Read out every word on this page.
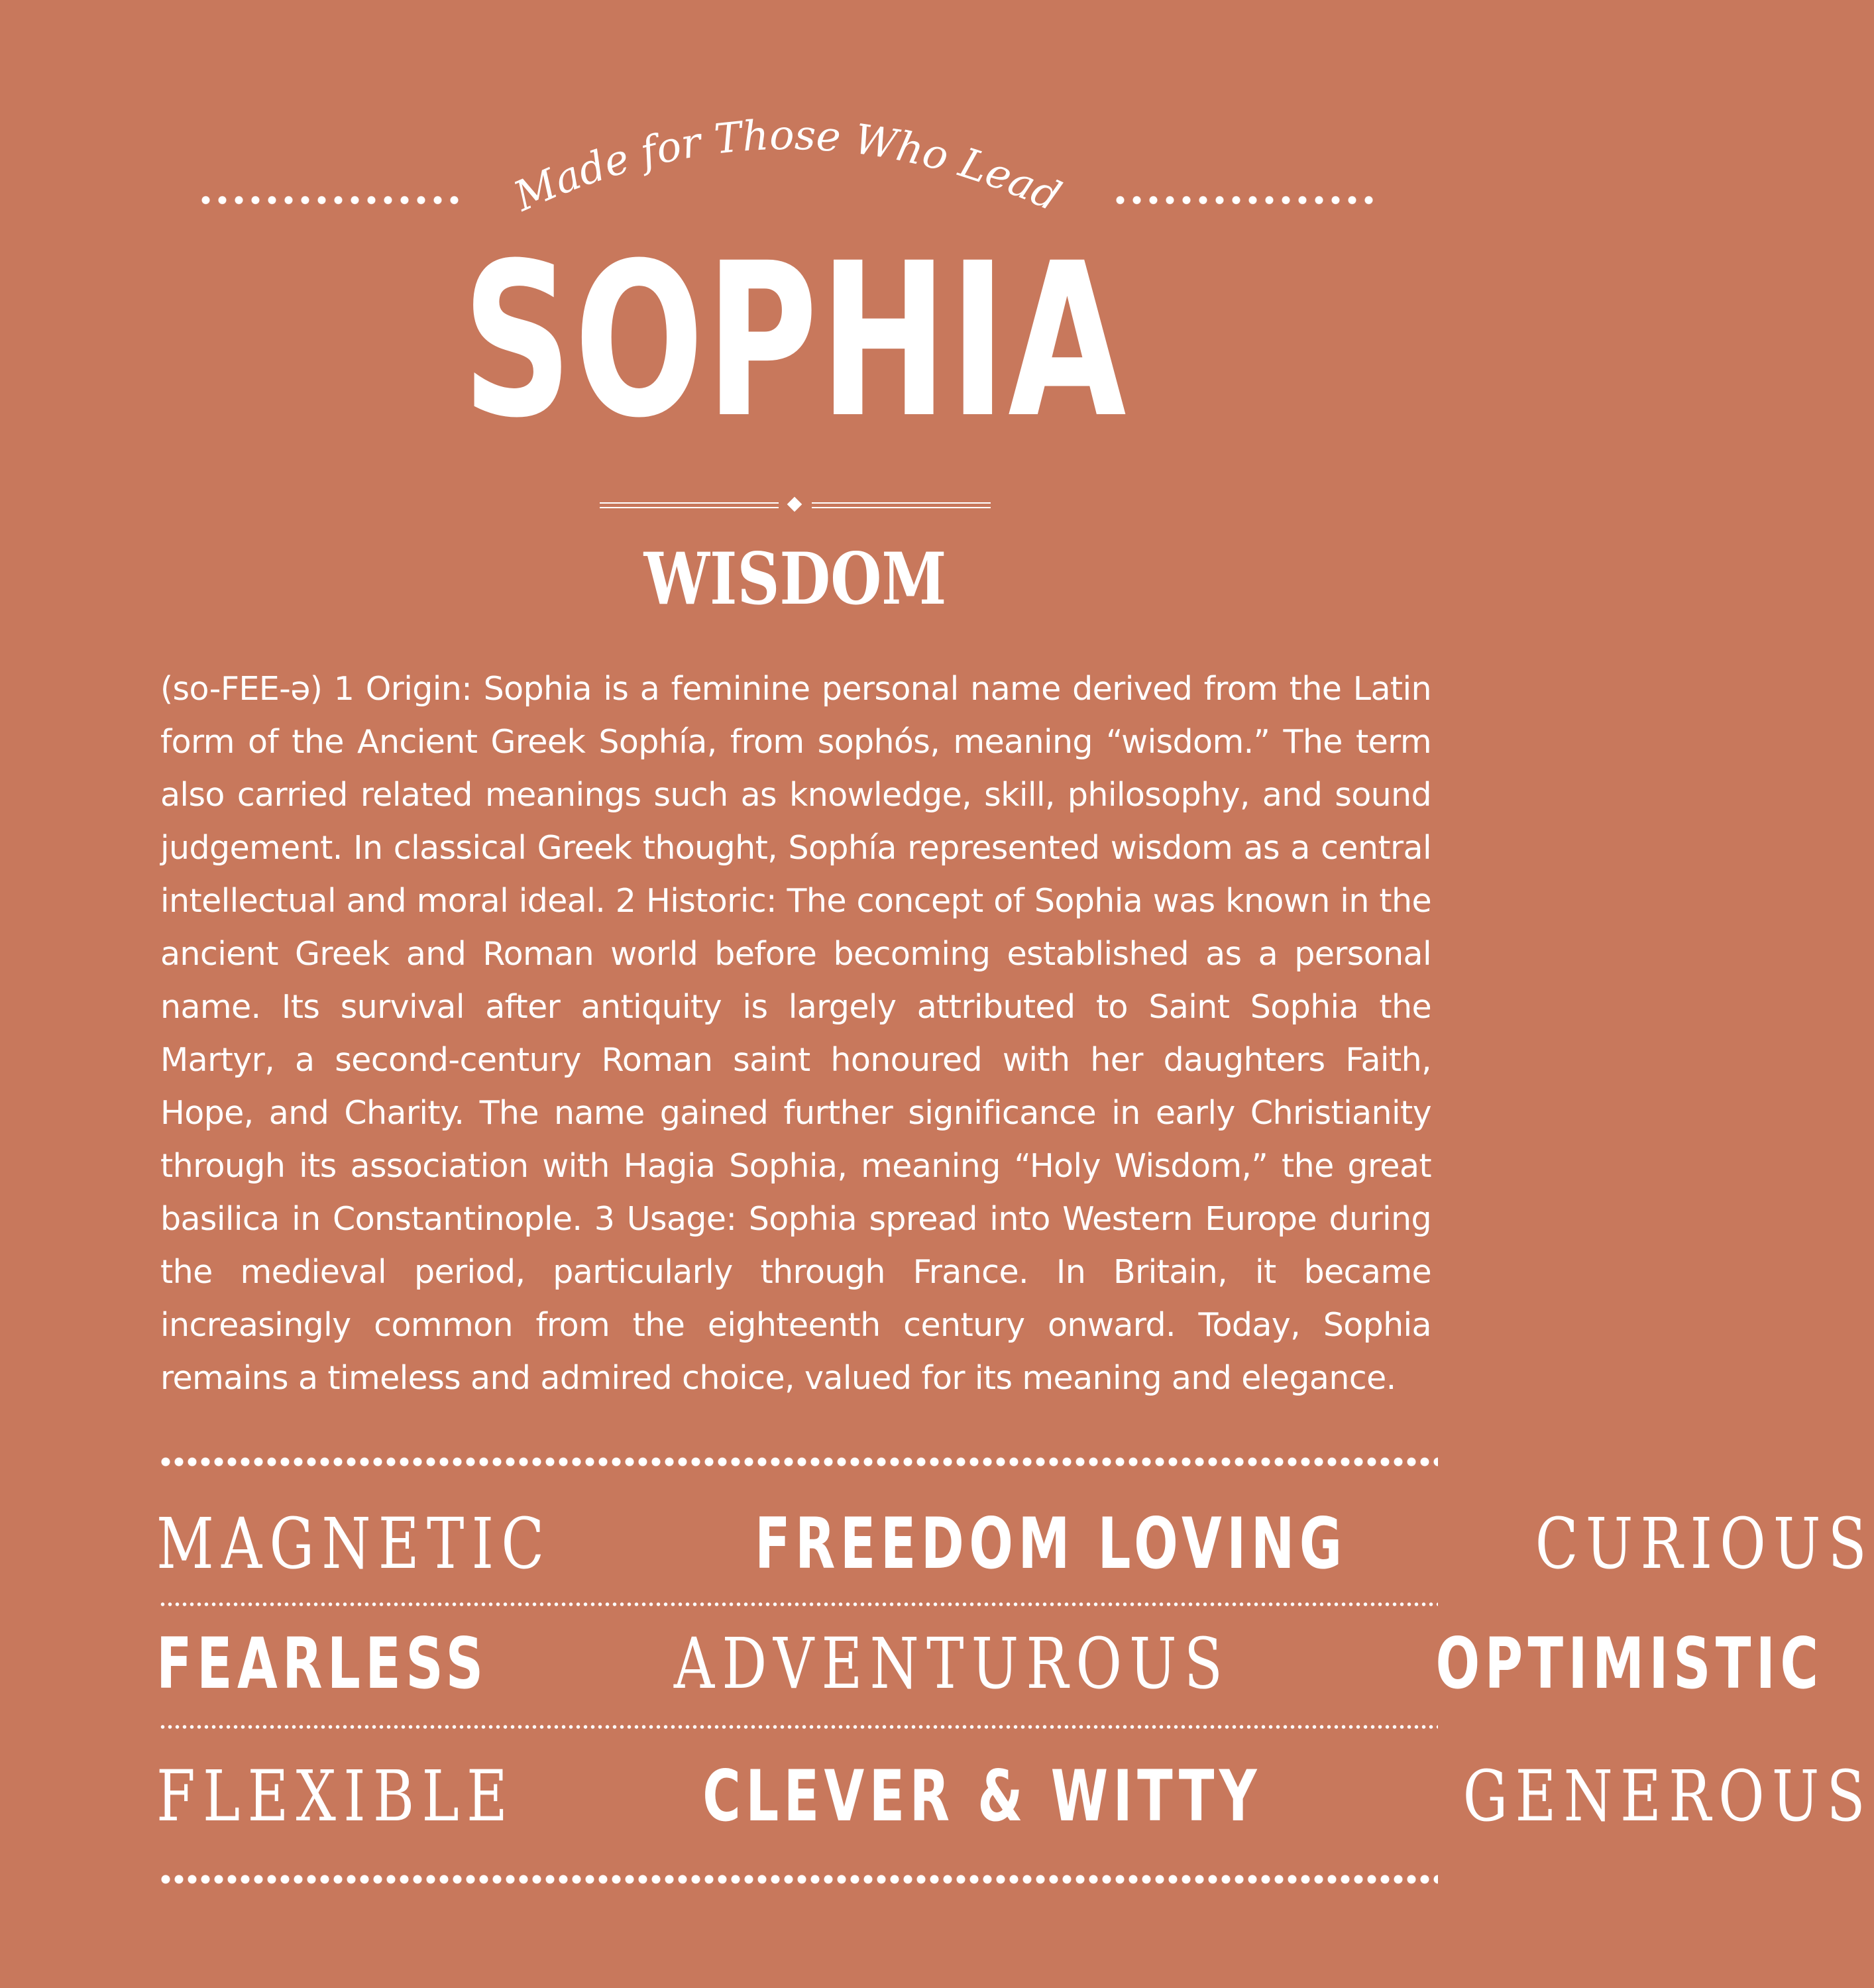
Made for Those Who Lead
SOPHIA
WISDOM
(so-FEE-ə) 1 Origin: Sophia is a feminine personal name derived from the Latin form of the Ancient Greek Sophía, from sophós, meaning “wisdom.” The term also carried related meanings such as knowledge, skill, philosophy, and sound judgement. In classical Greek thought, Sophía represented wisdom as a central intellectual and moral ideal. 2 Historic: The concept of Sophia was known in the ancient Greek and Roman world before becoming established as a personal name. Its survival after antiquity is largely attributed to Saint Sophia the Martyr, a second-century Roman saint honoured with her daughters Faith, Hope, and Charity. The name gained further significance in early Christianity through its association with Hagia Sophia, meaning “Holy Wisdom,” the great basilica in Constantinople. 3 Usage: Sophia spread into Western Europe during the medieval period, particularly through France. In Britain, it became increasingly common from the eighteenth century onward. Today, Sophia remains a timeless and admired choice, valued for its meaning and elegance.
MAGNETIC	FREEDOM LOVING	CURIOUS
FEARLESS	ADVENTUROUS	OPTIMISTIC
FLEXIBLE	CLEVER & WITTY	GENEROUS
